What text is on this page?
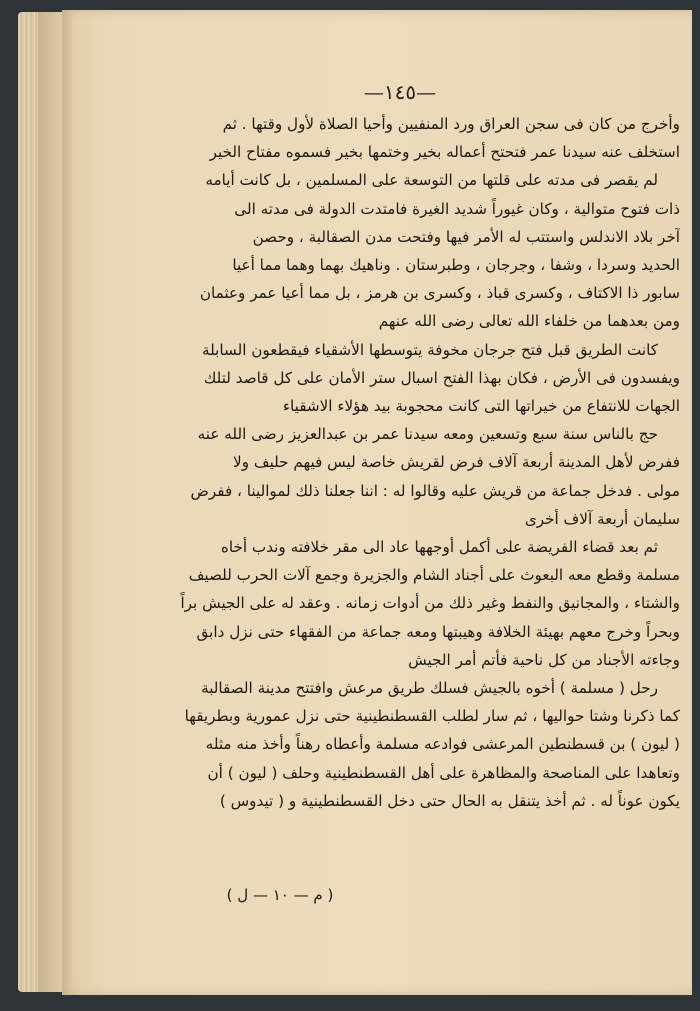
—١٤٥—
وأخرج من كان فى سجن العراق ورد المنفيين وأحيا الصلاة لأول وقتها . ثم
استخلف عنه سيدنا عمر فتحتح أعماله بخير وختمها بخير فسموه مفتاح الخير
لم يقصر فى مدته على قلتها من التوسعة على المسلمين ، بل كانت أيامه
ذات فتوح متوالية ، وكان غيوراً شديد الغيرة فامتدت الدولة فى مدته الى
آخر بلاد الاندلس واستتب له الأمر فيها وفتحت مدن الصقالبة ، وحصن
الحديد وسردا ، وشفا ، وجرجان ، وطبرستان . وناهيك بهما وهما مما أعيا
سابور ذا الاكتاف ، وكسرى قباذ ، وكسرى بن هرمز ، بل مما أعيا عمر وعثمان
ومن بعدهما من خلفاء الله تعالى رضى الله عنهم
كانت الطريق قبل فتح جرجان مخوفة يتوسطها الأشقياء فيقطعون السابلة
ويفسدون فى الأرض ، فكان بهذا الفتح اسبال ستر الأمان على كل قاصد لتلك
الجهات للانتفاع من خيراتها التى كانت محجوبة بيد هؤلاء الاشقياء
حج بالناس سنة سبع وتسعين ومعه سيدنا عمر بن عبدالعزيز رضى الله عنه
ففرض لأهل المدينة أربعة آلاف فرض لقريش خاصة ليس فيهم حليف ولا
مولى . فدخل جماعة من قريش عليه وقالوا له : اننا جعلنا ذلك لموالينا ، ففرض
سليمان أربعة آلاف أخرى
ثم بعد قضاء الفريضة على أكمل أوجهها عاد الى مقر خلافته وندب أخاه
مسلمة وقطع معه البعوث على أجناد الشام والجزيرة وجمع آلات الحرب للصيف
والشتاء ، والمجانيق والنفط وغير ذلك من أدوات زمانه . وعقد له على الجيش براً
وبحراً وخرج معهم بهيئة الخلافة وهيبتها ومعه جماعة من الفقهاء حتى نزل دابق
وجاءته الأجناد من كل ناحية فأتم أمر الجيش
رحل ( مسلمة ) أخوه بالجيش فسلك طريق مرعش وافتتح مدينة الصقالبة
كما ذكرنا وشتا حواليها ، ثم سار لطلب القسطنطينية حتى نزل عمورية وبطريقها
( ليون ) بن قسطنطين المرعشى فوادعه مسلمة وأعطاه رهناً وأخذ منه مثله
وتعاهدا على المناصحة والمظاهرة على أهل القسطنطينية وحلف ( ليون ) أن
يكون عوناً له . ثم أخذ يتنقل به الحال حتى دخل القسطنطينية و ( تيدوس )
( م — ١٠ — ل )
